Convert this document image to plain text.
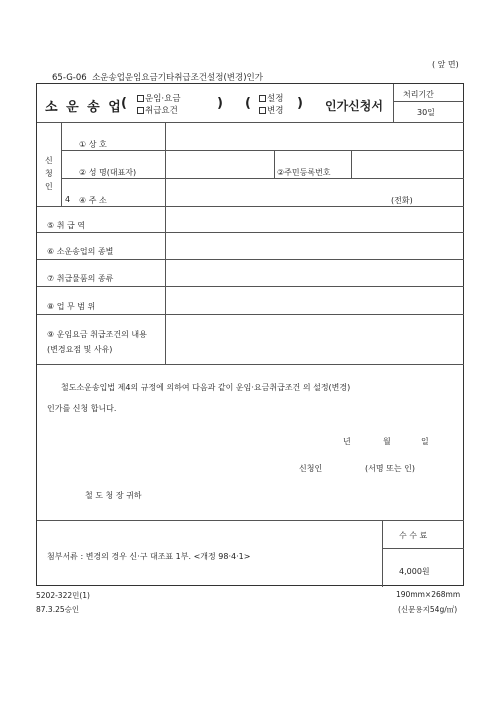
( 앞 면)
65-G-06 소운송업운임요금기타취급조건설정(변경)인가
소 운 송 업
(	운임·요금
취급요건	) (	설정
변경 ) 인가신청서
처리기간
30일
신
청
인
① 상 호
② 성 명(대표자)	②주민등록번호
4 ④ 주 소	(전화)
⑤ 취 급 역
⑥ 소운송업의 종별
⑦ 취급물품의 종류
⑧ 업 무 범 위
⑨ 운임요금 취급조건의 내용
(변경요점 및 사유)
철도소운송입법 제4의 규정에 의하여 다음과 같이 운임·요금취급조건 의 설정(변경)
인가를 신청 합니다.
년	월	일
신청인	(서명 또는 인)
철 도 청 장 귀하
첨부서류 : 변경의 경우 신·구 대조표 1부. <개정 98·4·1>
수 수 료
4,000원
5202-322민(1)
87.3.25승인
190mm×268mm
(신문용지54g/㎡)
